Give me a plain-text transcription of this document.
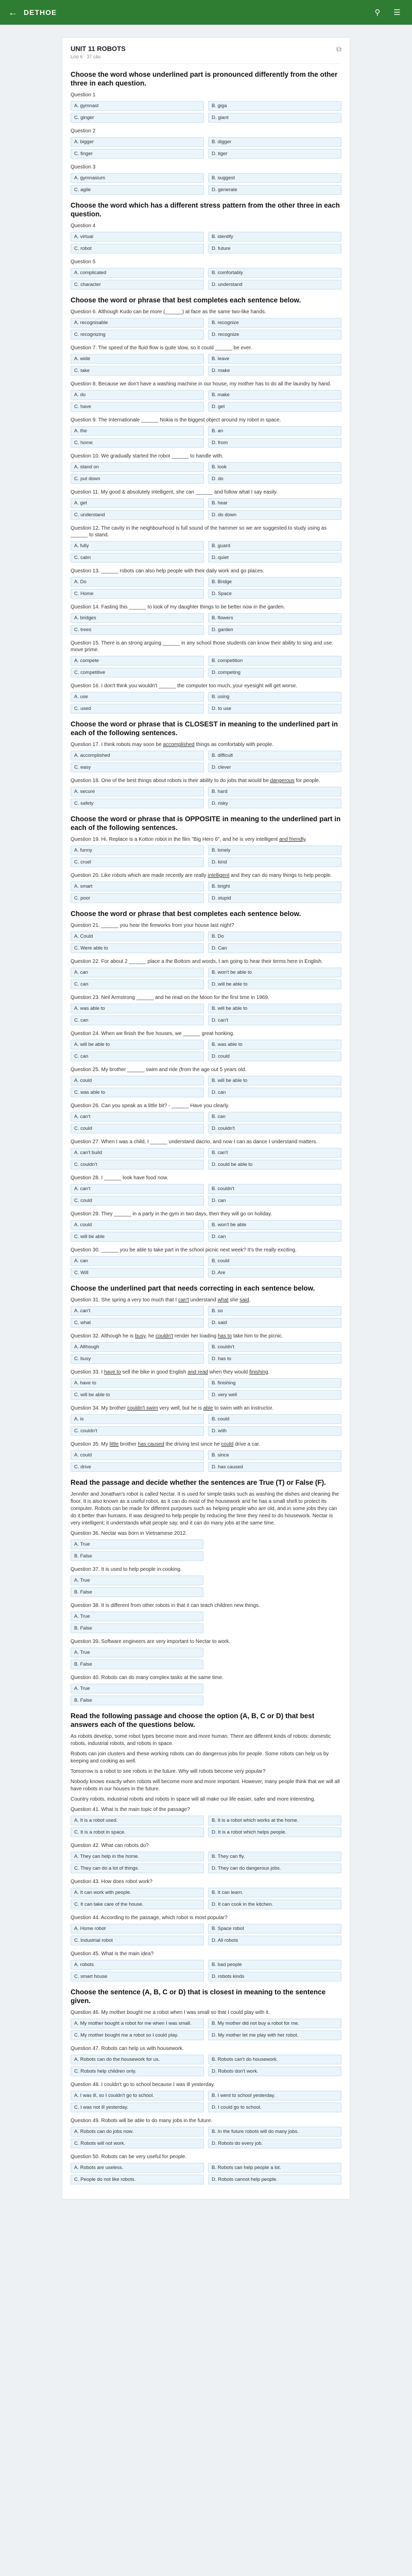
← DETHOE	⚲	☰
UNIT 11 ROBOTS
Lớp 6 · 37 câu
⧉
Choose the word whose underlined part is pronounced differently from the other three in each question.
Question 1
A. gymnast	B. giga
C. ginger	D. giant
Question 2
A. bigger	B. digger
C. finger	D. tiger
Question 3
A. gymnasium	B. suggest
C. agile	D. generate
Choose the word which has a different stress pattern from the other three in each question.
Question 4
A. virtual	B. identify
C. robot	D. future
Question 5
A. complicated	B. comfortably
C. character	D. understand
Choose the word or phrase that best completes each sentence below.
Question 6. Although Kudo can be more (______) at face as the same two-like hands.
A. recognisable	B. recognize
C. recognizing	D. recognize
Question 7. The speed of the fluid flow is quite slow, so it could ______ be ever.
A. wide	B. leave
C. take	D. make
Question 8. Because we don't have a washing machine in our house, my mother has to do all the laundry by hand.
A. do	B. make
C. have	D. get
Question 9. The Internationale ______ Nokia is the biggest object around my robot in space.
A. the	B. an
C. home	D. from
Question 10. We gradually started the robot ______ to handle with.
A. stand on	B. look
C. put down	D. do
Question 11. My good & absolutely intelligent, she can ______ and follow what I say easily.
A. get	B. hear
C. understand	D. do down
Question 12. The cavity in the neighbourhood is full sound of the hammer so we are suggested to study using as ______ to stand.
A. fully	B. guard
C. calm	D. quiet
Question 13. ______ robots can also help people with their daily work and go places.
A. Do	B. Bridge
C. Home	D. Space
Question 14. Fasting this ______ to look of my daughter things to be better now in the garden.
A. bridges	B. flowers
C. trees	D. garden
Question 15. There is an strong arguing ______ in any school those students can know their ability to sing and use move prime.
A. compete	B. competition
C. competitive	D. competing
Question 16. I don't think you wouldn't ______ the computer too much, your eyesight will get worse.
A. use	B. using
C. used	D. to use
Choose the word or phrase that is CLOSEST in meaning to the underlined part in each of the following sentences.
Question 17. I think robots may soon be accomplished things as comfortably with people.
A. accomplished	B. difficult
C. easy	D. clever
Question 18. One of the best things about robots is their ability to do jobs that would be dangerous for people.
A. secure	B. hard
C. safety	D. risky
Choose the word or phrase that is OPPOSITE in meaning to the underlined part in each of the following sentences.
Question 19. Hi. Replace is a Kotton robot in the film "Big Hero 6", and he is very intelligent and friendly.
A. funny	B. lonely
C. cruel	D. kind
Question 20. Like robots which are made recently are really intelligent and they can do many things to help people.
A. smart	B. bright
C. poor	D. stupid
Choose the word or phrase that best completes each sentence below.
Question 21. ______ you hear the fireworks from your house last night?
A. Could	B. Do
C. Were able to	D. Can
Question 22. For about 2 ______ place a the Bottom and words, I am going to hear their terms here in English.
A. can	B. won't be able to
C. can	D. will be able to
Question 23. Neil Armstrong ______ and he read on the Moon for the first time in 1969.
A. was able to	B. will be able to
C. can	D. can't
Question 24. When we finish the five houses, we ______ great honking.
A. will be able to	B. was able to
C. can	D. could
Question 25. My brother ______ swim and ride (from the age out 5 years old.
A. could	B. will be able to
C. was able to	D. can
Question 26. Can you speak as a little bit? - ______ Have you clearly.
A. can't	B. can
C. could	D. couldn't
Question 27. When I was a child, I ______ understand dacrio, and now I can as dance I understand matters.
A. can't build	B. can't
C. couldn't	D. could be able to
Question 28. I ______ look have food now.
A. can't	B. couldn't
C. could	D. can
Question 29. They ______ in a party in the gym in two days, then they will go on holiday.
A. could	B. won't be able
C. will be able	D. can
Question 30. ______ you be able to take part in the school picnic next week? It's the really exciting.
A. can	B. could
C. Will	D. Are
Choose the underlined part that needs correcting in each sentence below.
Question 31. She spring a very too much that I can't understand what she said.
A. can't	B. so
C. what	D. said
Question 32. Although he is busy, he couldn't render her loading has to take him to the picnic.
A. Although	B. couldn't
C. busy	D. has to
Question 33. I have to sell the bike in good English and read when they would finishing.
A. have to	B. finishing
C. will be able to	D. very well
Question 34. My brother couldn't swim very well, but he is able to swim with an instructor.
A. is	B. could
C. couldn't	D. with
Question 35. My little brother has caused the driving test since he could drive a car.
A. could	B. since
C. drive	D. has caused
Read the passage and decide whether the sentences are True (T) or False (F).
Jennifer and Jonathan's robot is called Nectar. It is used for simple tasks such as washing the dishes and cleaning the floor. It is also known as a useful robot, as it can do most of the housework and he has a small shell to protect its computer. Robots can be made for different purposes such as helping people who are old, and in some jobs they can do it better than humans. It was designed to help people by reducing the time they need to do housework. Nectar is very intelligent; it understands what people say, and it can do many jobs at the same time.
Question 36. Nectar was born in Vietnamese 2012.
A. True
B. False
Question 37. It is used to help people in cooking.
A. True
B. False
Question 38. It is different from other robots in that it can teach children new things.
A. True
B. False
Question 39. Software engineers are very important to Nectar to work.
A. True
B. False
Question 40. Robots can do many complex tasks at the same time.
A. True
B. False
Read the following passage and choose the option (A, B, C or D) that best answers each of the questions below.
As robots develop, some robot types become more and more human. There are different kinds of robots: domestic robots, industrial robots, and robots in space.
Robots can join clusters and these working robots can do dangerous jobs for people. Some robots can help us by keeping and cooking as well.
Tomorrow is a robot to see robots in the future. Why will robots become very popular?
Nobody knows exactly when robots will become more and more important. However, many people think that we will all have robots in our houses in the future.
Country robots, industrial robots and robots in space will all make our life easier, safer and more interesting.
Question 41. What is the main topic of the passage?
A. It is a robot used.	B. It is a robot which works at the home.
C. It is a robot in space.	D. It is a robot which helps people.
Question 42. What can robots do?
A. They can help in the home.	B. They can fly.
C. They can do a lot of things.	D. They can do dangerous jobs.
Question 43. How does robot work?
A. It can work with people.	B. It can learn.
C. It can take care of the house.	D. It can cook in the kitchen.
Question 44. According to the passage, which robot is most popular?
A. Home robot	B. Space robot
C. Industrial robot	D. All robots
Question 45. What is the main idea?
A. robots	B. bad people
C. smart house	D. robots kinds
Choose the sentence (A, B, C or D) that is closest in meaning to the sentence given.
Question 46. My mother bought me a robot when I was small so that I could play with it.
A. My mother bought a robot for me when I was small.	B. My mother did not buy a robot for me.
C. My mother bought me a robot so I could play.	D. My mother let me play with her robot.
Question 47. Robots can help us with housework.
A. Robots can do the housework for us.	B. Robots can't do housework.
C. Robots help children only.	D. Robots don't work.
Question 48. I couldn't go to school because I was ill yesterday.
A. I was ill, so I couldn't go to school.	B. I went to school yesterday.
C. I was not ill yesterday.	D. I could go to school.
Question 49. Robots will be able to do many jobs in the future.
A. Robots can do jobs now.	B. In the future robots will do many jobs.
C. Robots will not work.	D. Robots do every job.
Question 50. Robots can be very useful for people.
A. Robots are useless.	B. Robots can help people a lot.
C. People do not like robots.	D. Robots cannot help people.
